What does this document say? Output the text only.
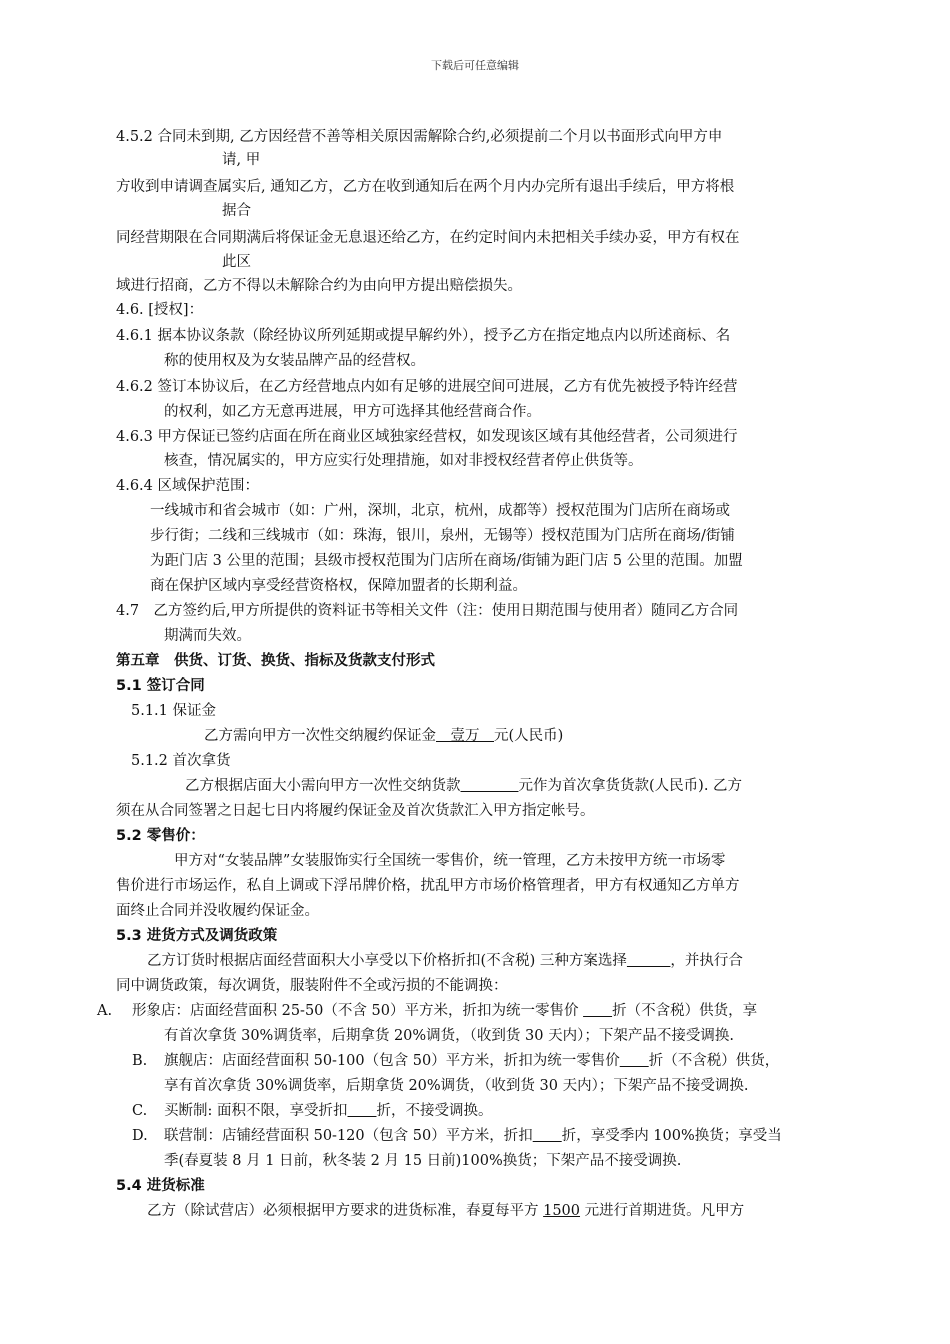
下载后可任意编辑
4.5.2 合同未到期, 乙方因经营不善等相关原因需解除合约,必须提前二个月以书面形式向甲方申
请, 甲
方收到申请调查属实后, 通知乙方，乙方在收到通知后在两个月内办完所有退出手续后，甲方将根
据合
同经营期限在合同期满后将保证金无息退还给乙方，在约定时间内未把相关手续办妥，甲方有权在
此区
域进行招商，乙方不得以未解除合约为由向甲方提出赔偿损失。
4.6. [授权]：
4.6.1 据本协议条款（除经协议所列延期或提早解约外），授予乙方在指定地点内以所述商标、名
称的使用权及为女装品牌产品的经营权。
4.6.2 签订本协议后，在乙方经营地点内如有足够的进展空间可进展，乙方有优先被授予特许经营
的权利，如乙方无意再进展，甲方可选择其他经营商合作。
4.6.3 甲方保证已签约店面在所在商业区域独家经营权，如发现该区域有其他经营者，公司须进行
核查，情况属实的，甲方应实行处理措施，如对非授权经营者停止供货等。
4.6.4 区域保护范围：
一线城市和省会城市（如：广州，深圳，北京，杭州，成都等）授权范围为门店所在商场或
步行街；二线和三线城市（如：珠海，银川，泉州，无锡等）授权范围为门店所在商场/街铺
为距门店 3 公里的范围；县级市授权范围为门店所在商场/街铺为距门店 5 公里的范围。加盟
商在保护区域内享受经营资格权，保障加盟者的长期利益。
4.7　乙方签约后,甲方所提供的资料证书等相关文件（注：使用日期范围与使用者）随同乙方合同
期满而失效。
第五章　供货、订货、换货、指标及货款支付形式
5.1 签订合同
5.1.1 保证金
乙方需向甲方一次性交纳履约保证金　壹万　元(人民币)
5.1.2 首次拿货
乙方根据店面大小需向甲方一次性交纳货款　　　　	元作为首次拿货货款(人民币). 乙方
须在从合同签署之日起七日内将履约保证金及首次货款汇入甲方指定帐号。
5.2 零售价：
甲方对“女装品牌”女装服饰实行全国统一零售价，统一管理，乙方未按甲方统一市场零
售价进行市场运作，私自上调或下浮吊牌价格，扰乱甲方市场价格管理者，甲方有权通知乙方单方
面终止合同并没收履约保证金。
5.3 进货方式及调货政策
乙方订货时根据店面经营面积大小享受以下价格折扣(不含税) 三种方案选择　　　	，并执行合
同中调货政策，每次调货，服装附件不全或污损的不能调换：
A. 形象店：店面经营面积 25-50（不含 50）平方米，折扣为统一零售价 　　折（不含税）供货，享
有首次拿货 30%调货率，后期拿货 20%调货，（收到货 30 天内）；下架产品不接受调换.
B. 旗舰店：店面经营面积 50-100（包含 50）平方米，折扣为统一零售价　　 折（不含税）供货，
享有首次拿货 30%调货率，后期拿货 20%调货，（收到货 30 天内）；下架产品不接受调换.
C. 买断制: 面积不限，享受折扣　　 折，不接受调换。
D. 联营制：店铺经营面积 50-120（包含 50）平方米，折扣　　 折，享受季内 100%换货；享受当
季(春夏装 8 月 1 日前，秋冬装 2 月 15 日前)100%换货；下架产品不接受调换.
5.4 进货标准
乙方（除试营店）必须根据甲方要求的进货标准，春夏每平方 1500 元进行首期进货。凡甲方
